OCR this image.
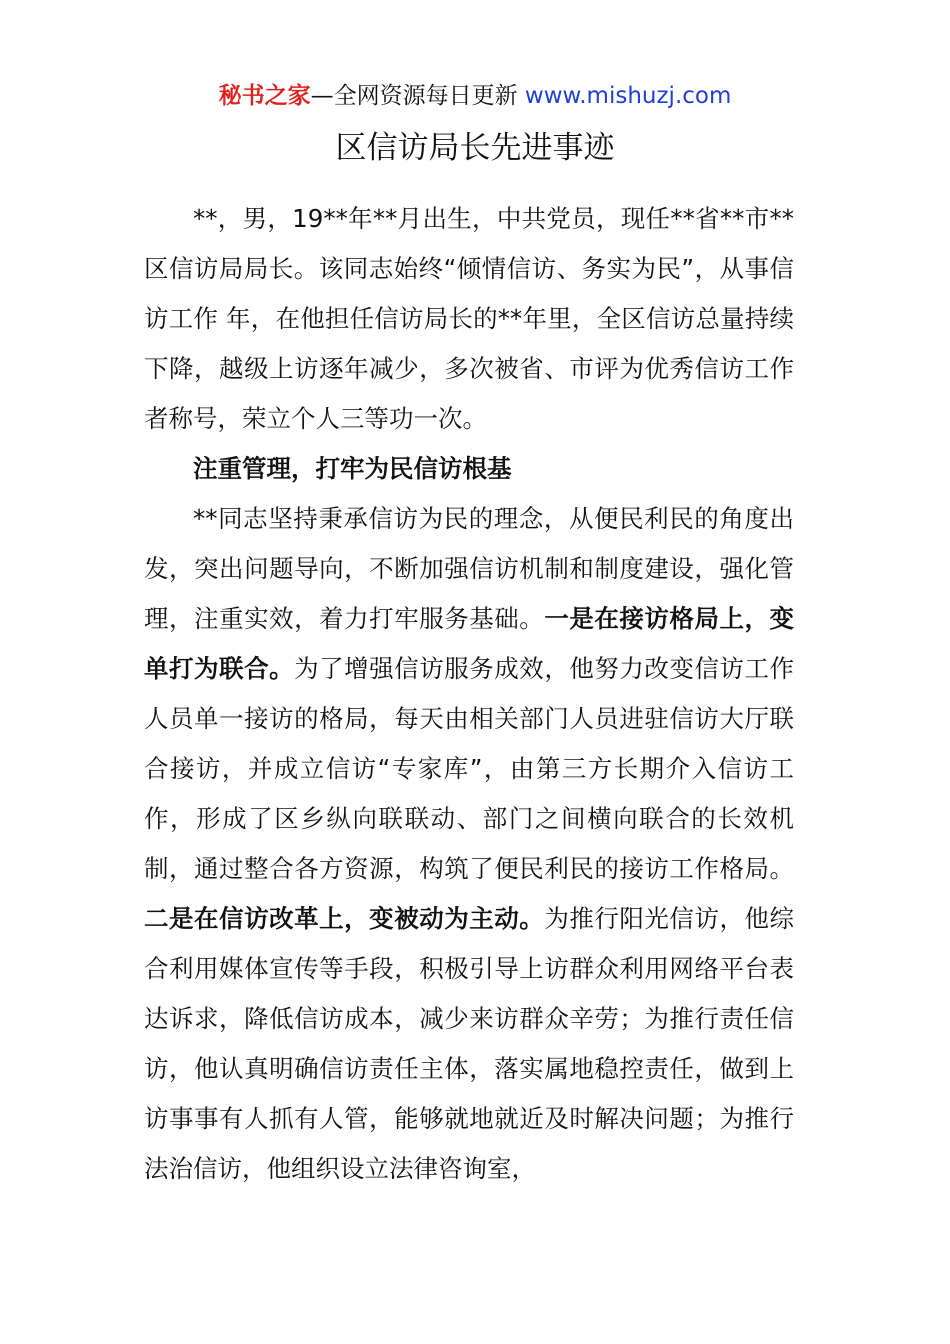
秘书之家—全网资源每日更新 www.mishuzj.com
区信访局长先进事迹

**，男，19**年**月出生，中共党员，现任**省**市**区信访局局长。该同志始终“倾情信访、务实为民”，从事信访工作 年，在他担任信访局长的**年里，全区信访总量持续下降，越级上访逐年减少，多次被省、市评为优秀信访工作者称号，荣立个人三等功一次。

注重管理，打牢为民信访根基

**同志坚持秉承信访为民的理念，从便民利民的角度出发，突出问题导向，不断加强信访机制和制度建设，强化管理，注重实效，着力打牢服务基础。一是在接访格局上，变单打为联合。为了增强信访服务成效，他努力改变信访工作人员单一接访的格局，每天由相关部门人员进驻信访大厅联合接访，并成立信访“专家库”，由第三方长期介入信访工作，形成了区乡纵向联联动、部门之间横向联合的长效机制，通过整合各方资源，构筑了便民利民的接访工作格局。二是在信访改革上，变被动为主动。为推行阳光信访，他综合利用媒体宣传等手段，积极引导上访群众利用网络平台表达诉求，降低信访成本，减少来访群众辛劳；为推行责任信访，他认真明确信访责任主体，落实属地稳控责任，做到上访事事有人抓有人管，能够就地就近及时解决问题；为推行法治信访，他组织设立法律咨询室，
